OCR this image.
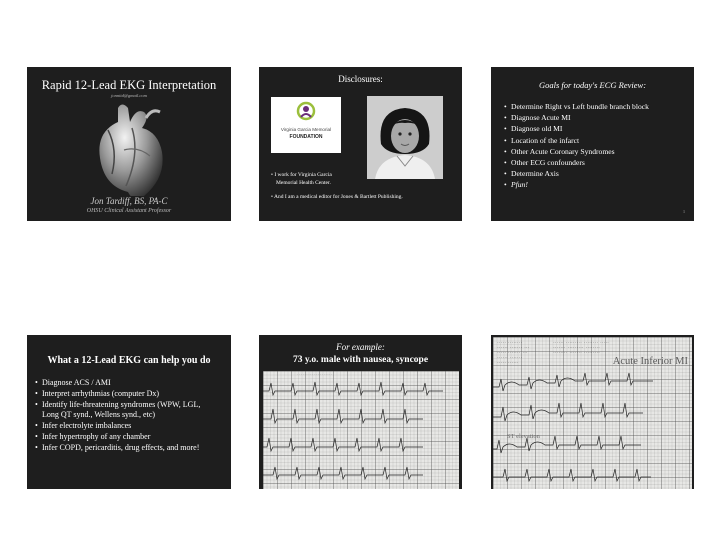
Rapid 12-Lead EKG Interpretation
jonnitd@gmail.com
Jon Tardiff, BS, PA-C
OHSU Clinical Assistant Professor
Disclosures:
Virginia Garcia Memorial
FOUNDATION
• I work for Virginia Garcia
Memorial Health Center.
• And I am a medical editor for Jones & Bartlett Publishing.
Goals for today's ECG Review:
• Determine Right vs Left bundle branch block
• Diagnose Acute MI
• Diagnose old MI
• Location of the infarct
• Other Acute Coronary Syndromes
• Other ECG confounders
• Determine Axis
• Pfun!
1
What a 12-Lead EKG can help you do
• Diagnose ACS / AMI
• Interpret arrhythmias (computer Dx)
• Identify life-threatening syndromes (WPW, LGL, Long QT synd., Wellens synd., etc)
• Infer electrolyte imbalances
• Infer hypertrophy of any chamber
• Infer COPD, pericarditis, drug effects, and more!
For example:
73 y.o. male with nausea, syncope
· · · · · · · · · · · · · · · · · · ·
····· ········
······ ······· ···
····· ······· ···
······ ·······
····· ······
······ ········· ········ ·····
······· ········· ········
········ ······· ·········
Acute Inferior MI
ST elevation
